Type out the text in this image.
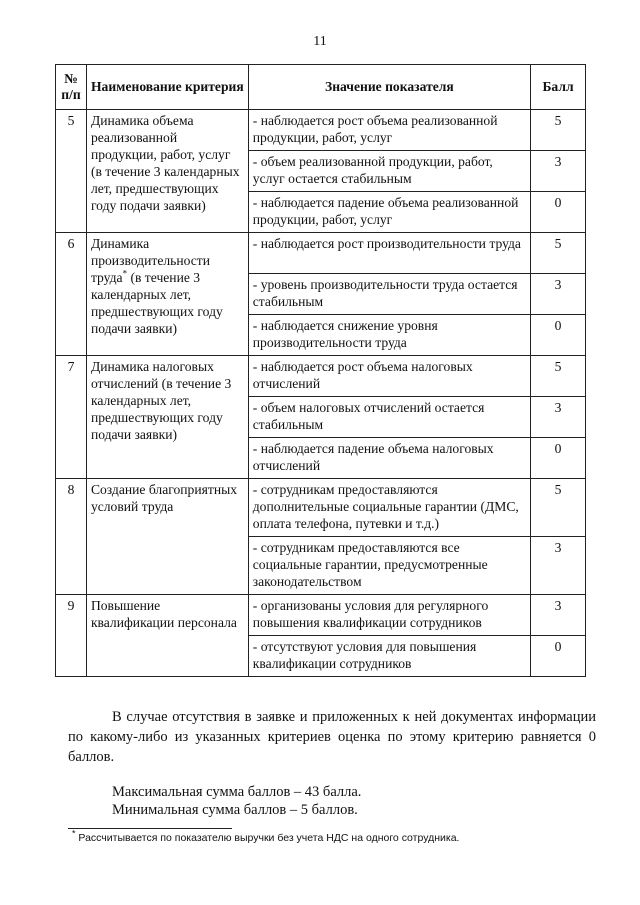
11
№ п/п	Наименование критерия	Значение показателя	Балл
5	Динамика объема реализованной продукции, работ, услуг (в течение 3 календарных лет, предшествующих году подачи заявки)	- наблюдается рост объема реализованной продукции, работ, услуг	5
		- объем реализованной продукции, работ, услуг остается стабильным	3
		- наблюдается падение объема реализованной продукции, работ, услуг	0
6	Динамика производительности труда* (в течение 3 календарных лет, предшествующих году подачи заявки)	- наблюдается рост производительности труда	5
		- уровень производительности труда остается стабильным	3
		- наблюдается снижение уровня производительности труда	0
7	Динамика налоговых отчислений (в течение 3 календарных лет, предшествующих году подачи заявки)	- наблюдается рост объема налоговых отчислений	5
		- объем налоговых отчислений остается стабильным	3
		- наблюдается падение объема налоговых отчислений	0
8	Создание благоприятных условий труда	- сотрудникам предоставляются дополнительные социальные гарантии (ДМС, оплата телефона, путевки и т.д.)	5
		- сотрудникам предоставляются все социальные гарантии, предусмотренные законодательством	3
9	Повышение квалификации персонала	- организованы условия для регулярного повышения квалификации сотрудников	3
		- отсутствуют условия для повышения квалификации сотрудников	0
В случае отсутствия в заявке и приложенных к ней документах информации по какому-либо из указанных критериев оценка по этому критерию равняется 0 баллов.
Максимальная сумма баллов – 43 балла.
Минимальная сумма баллов – 5 баллов.
* Рассчитывается по показателю выручки без учета НДС на одного сотрудника.
